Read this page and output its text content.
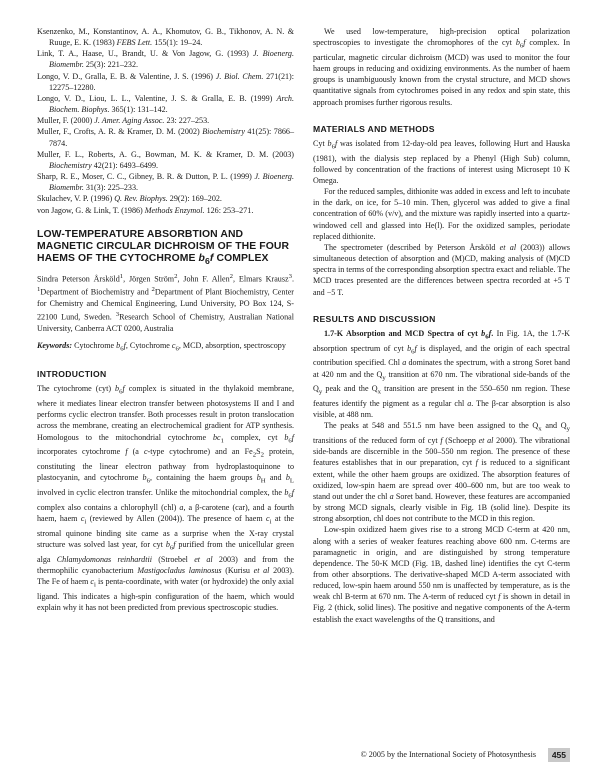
Ksenzenko, M., Konstantinov, A. A., Khomutov, G. B., Tikhonov, A. N. & Ruuge, E. K. (1983) FEBS Lett. 155(1): 19–24.

Link, T. A., Haase, U., Brandt, U. & Von Jagow, G. (1993) J. Bioenerg. Biomembr. 25(3): 221–232.

Longo, V. D., Gralla, E. B. & Valentine, J. S. (1996) J. Biol. Chem. 271(21): 12275–12280.

Longo, V. D., Liou, L. L., Valentine, J. S. & Gralla, E. B. (1999) Arch. Biochem. Biophys. 365(1): 131–142.

Muller, F. (2000) J. Amer. Aging Assoc. 23: 227–253.

Muller, F., Crofts, A. R. & Kramer, D. M. (2002) Biochemistry 41(25): 7866–7874.

Muller, F. L., Roberts, A. G., Bowman, M. K. & Kramer, D. M. (2003) Biochemistry 42(21): 6493–6499.

Sharp, R. E., Moser, C. C., Gibney, B. R. & Dutton, P. L. (1999) J. Bioenerg. Biomembr. 31(3): 225–233.

Skulachev, V. P. (1996) Q. Rev. Biophys. 29(2): 169–202.

von Jagow, G. & Link, T. (1986) Methods Enzymol. 126: 253–271.

LOW-TEMPERATURE ABSORBTION AND MAGNETIC CIRCULAR DICHROISM OF THE FOUR HAEMS OF THE CYTOCHROME $b_6f$ COMPLEX

Sindra Peterson Årsköld$^1$, Jörgen Ström$^2$, John F. Allen$^2$, Elmars Krausz$^3$. $^1$Department of Biochemistry and $^2$Department of Plant Biochemistry, Center for Chemistry and Chemical Engineering, Lund University, PO Box 124, S-22100 Lund, Sweden. $^3$Research School of Chemistry, Australian National University, Canberra ACT 0200, Australia

Keywords: Cytochrome $b_6f$, Cytochrome $c_6$, MCD, absorption, spectroscopy

INTRODUCTION

The cytochrome (cyt) $b_6f$ complex is situated in the thylakoid membrane, where it mediates linear electron transfer between photosystems II and I and performs cyclic electron transfer. Both processes result in proton translocation across the membrane, creating an electrochemical gradient for ATP synthesis. Homologous to the mitochondrial cytochrome $bc_1$ complex, cyt $b_6f$ incorporates cytochrome f (a c-type cytochrome) and an $Fe_2S_2$ protein, constituting the linear electron pathway from hydroplastoquinone to plastocyanin, and cytochrome $b_6$, containing the haem groups $b_H$ and $b_L$ involved in cyclic electron transfer. Unlike the mitochondrial complex, the $b_6f$ complex also contains a chlorophyll (chl) a, a β-carotene (car), and a fourth haem, haem $c_i$ (reviewed by Allen (2004)). The presence of haem $c_i$ at the stromal quinone binding site came as a surprise when the X-ray crystal structure was solved last year, for cyt $b_6f$ purified from the unicellular green alga Chlamydomonas reinhardtii (Stroebel et al 2003) and from the thermophilic cyanobacterium Mastigocladus laminosus (Kurisu et al 2003). The Fe of haem $c_i$ is penta-coordinate, with water (or hydroxide) the only axial ligand. This indicates a high-spin configuration of the haem, which would explain why it has not been predicted from previous spectroscopic studies.

We used low-temperature, high-precision optical polarization spectroscopies to investigate the chromophores of the cyt $b_6f$ complex. In particular, magnetic circular dichroism (MCD) was used to monitor the four haem groups in reducing and oxidizing environments. As the number of haem groups is unambiguously known from the crystal structure, and MCD shows quantitative signals from cytochromes poised in any redox and spin state, this approach promises further rigorous results.

MATERIALS AND METHODS

Cyt $b_6f$ was isolated from 12-day-old pea leaves, following Hurt and Hauska (1981), with the dialysis step replaced by a Phenyl (High Sub) column, followed by concentration of the fractions of interest using Microsept 10 K Omega.

For the reduced samples, dithionite was added in excess and left to incubate in the dark, on ice, for 5–10 min. Then, glycerol was added to give a final concentration of 60% (v/v), and the mixture was rapidly inserted into a quartz-windowed cell and glassed into He(l). For the oxidized samples, periodate replaced dithionite.

The spectrometer (described by Peterson Årsköld et al (2003)) allows simultaneous detection of absorption and (M)CD, making analysis of (M)CD spectra in terms of the corresponding absorption spectra exact and reliable. The MCD traces presented are the differences between spectra recorded at +5 T and −5 T.

RESULTS AND DISCUSSION

1.7-K Absorption and MCD Spectra of cyt $b_6f$. In Fig. 1A, the 1.7-K absorption spectrum of cyt $b_6f$ is displayed, and the origin of each spectral contribution specified. Chl a dominates the spectrum, with a strong Soret band at 420 nm and the $Q_y$ transition at 670 nm. The vibrational side-bands of the $Q_y$ peak and the $Q_x$ transition are present in the 550–650 nm region. These features identify the pigment as a regular chl a. The β-car absorption is also visible, at 488 nm.

The peaks at 548 and 551.5 nm have been assigned to the $Q_x$ and $Q_y$ transitions of the reduced form of cyt f (Schoepp et al 2000). The vibrational side-bands are discernible in the 500–550 nm region. The presence of these features establishes that in our preparation, cyt f is reduced to a significant extent, while the other haem groups are oxidized. The absorption features of oxidized, low-spin haem are spread over 400–600 nm, but are too weak to stand out under the chl a Soret band. However, these features are accompanied by strong MCD signals, clearly visible in Fig. 1B (solid line). Despite its strong absorption, chl does not contribute to the MCD in this region.

Low-spin oxidized haem gives rise to a strong MCD C-term at 420 nm, along with a series of weaker features reaching above 600 nm. C-terms are paramagnetic in origin, and are distinguished by strong temperature dependence. The 50-K MCD (Fig. 1B, dashed line) identifies the cyt C-term from other absorptions. The derivative-shaped MCD A-term associated with reduced, low-spin haem around 550 nm is unaffected by temperature, as is the weak chl B-term at 670 nm. The A-term of reduced cyt f is shown in detail in Fig. 2 (thick, solid lines). The positive and negative components of the A-term establish the exact wavelengths of the Q transitions, and

© 2005 by the International Society of Photosynthesis	455
